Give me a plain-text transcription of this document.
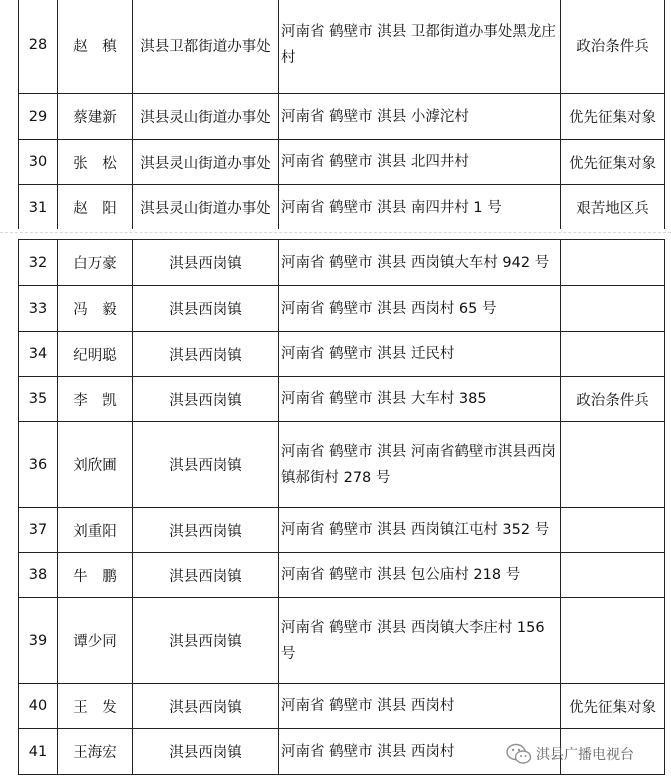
28	赵　稹	淇县卫都街道办事处	河南省 鹤壁市 淇县 卫都街道办事处黑龙庄村	政治条件兵
29	蔡建新	淇县灵山街道办事处	河南省 鹤壁市 淇县 小滹沱村	优先征集对象
30	张　松	淇县灵山街道办事处	河南省 鹤壁市 淇县 北四井村	优先征集对象
31	赵　阳	淇县灵山街道办事处	河南省 鹤壁市 淇县 南四井村 1 号	艰苦地区兵
32	白万豪	淇县西岗镇	河南省 鹤壁市 淇县 西岗镇大车村 942 号	
33	冯　毅	淇县西岗镇	河南省 鹤壁市 淇县 西岗村 65 号	
34	纪明聪	淇县西岗镇	河南省 鹤壁市 淇县 迁民村	
35	李　凯	淇县西岗镇	河南省 鹤壁市 淇县 大车村 385	政治条件兵
36	刘欣圃	淇县西岗镇	河南省 鹤壁市 淇县 河南省鹤壁市淇县西岗镇郝街村 278 号	
37	刘重阳	淇县西岗镇	河南省 鹤壁市 淇县 西岗镇江屯村 352 号	
38	牛　鹏	淇县西岗镇	河南省 鹤壁市 淇县 包公庙村 218 号	
39	谭少同	淇县西岗镇	河南省 鹤壁市 淇县 西岗镇大李庄村 156 号	
40	王　发	淇县西岗镇	河南省 鹤壁市 淇县 西岗村	优先征集对象
41	王海宏	淇县西岗镇	河南省 鹤壁市 淇县 西岗村		淇县广播电视台
